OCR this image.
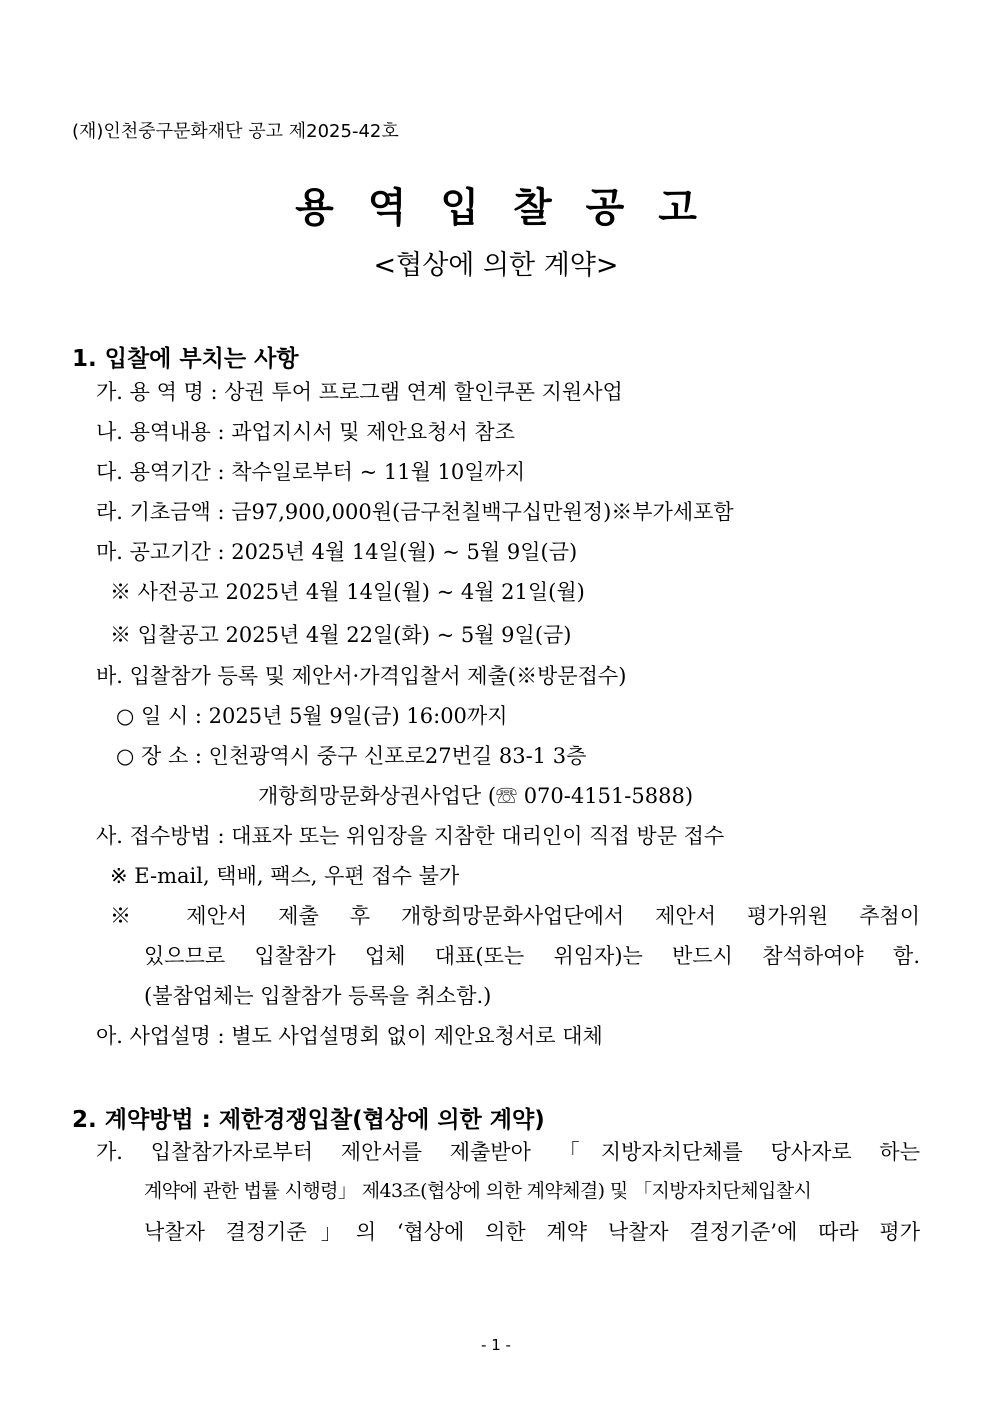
(재)인천중구문화재단 공고 제2025-42호
용역입찰공고
<협상에 의한 계약>
1. 입찰에 부치는 사항
가. 용 역 명 : 상권 투어 프로그램 연계 할인쿠폰 지원사업
나. 용역내용 : 과업지시서 및 제안요청서 참조
다. 용역기간 : 착수일로부터 ~ 11월 10일까지
라. 기초금액 : 금97,900,000원(금구천칠백구십만원정)※부가세포함
마. 공고기간 : 2025년 4월 14일(월) ~ 5월 9일(금)
※ 사전공고 2025년 4월 14일(월) ~ 4월 21일(월)
※ 입찰공고 2025년 4월 22일(화) ~ 5월 9일(금)
바. 입찰참가 등록 및 제안서·가격입찰서 제출(※방문접수)
○ 일 시 : 2025년 5월 9일(금) 16:00까지
○ 장 소 : 인천광역시 중구 신포로27번길 83-1 3층
개항희망문화상권사업단 (☏ 070-4151-5888)
사. 접수방법 : 대표자 또는 위임장을 지참한 대리인이 직접 방문 접수
※ E-mail, 택배, 팩스, 우편 접수 불가
※ 제안서 제출 후 개항희망문화사업단에서 제안서 평가위원 추첨이
있으므로 입찰참가 업체 대표(또는 위임자)는 반드시 참석하여야 함.
(불참업체는 입찰참가 등록을 취소함.)
아. 사업설명 : 별도 사업설명회 없이 제안요청서로 대체
2. 계약방법 : 제한경쟁입찰(협상에 의한 계약)
가. 입찰참가자로부터 제안서를 제출받아 「지방자치단체를 당사자로 하는
계약에 관한 법률 시행령」 제43조(협상에 의한 계약체결) 및 「지방자치단체입찰시
낙찰자 결정기준」의 ‘협상에 의한 계약 낙찰자 결정기준’에 따라 평가
- 1 -
